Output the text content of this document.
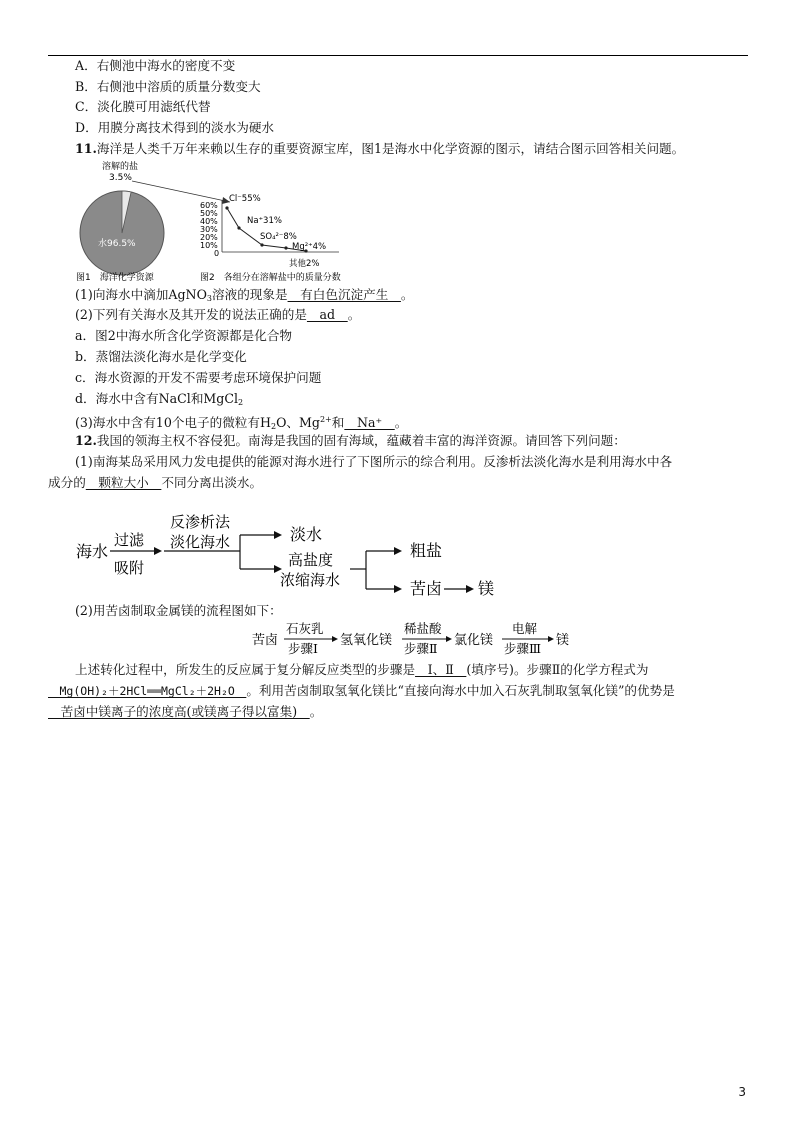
A．右侧池中海水的密度不变
B．右侧池中溶质的质量分数变大
C．淡化膜可用滤纸代替
D．用膜分离技术得到的淡水为硬水
11.海洋是人类千万年来赖以生存的重要资源宝库，图1是海水中化学资源的图示，请结合图示回答相关问题。
溶解的盐
3.5%
水96.5%
60%
50%
40%
30%
20%
10%
0
Cl⁻55%
Na⁺31%
SO₄²⁻8%
Mg²⁺4%
其他2%
图1　海洋化学资源	图2　各组分在溶解盐中的质量分数
(1)向海水中滴加AgNO$_3$溶液的现象是　有白色沉淀产生　。
(2)下列有关海水及其开发的说法正确的是　ad　。
a．图2中海水所含化学资源都是化合物
b．蒸馏法淡化海水是化学变化
c．海水资源的开发不需要考虑环境保护问题
d．海水中含有NaCl和MgCl$_2$
(3)海水中含有10个电子的微粒有$H_2O$、$Mg^{2+}$和　Na⁺　。
12.我国的领海主权不容侵犯。南海是我国的固有海域，蕴藏着丰富的海洋资源。请回答下列问题：
(1)南海某岛采用风力发电提供的能源对海水进行了下图所示的综合利用。反渗析法淡化海水是利用海水中各
成分的　颗粒大小　不同分离出淡水。
海水
过滤
吸附
反渗析法
淡化海水	淡水
高盐度
浓缩海水
粗盐
苦卤 镁
(2)用苦卤制取金属镁的流程图如下：
苦卤
石灰乳
步骤Ⅰ
氢氧化镁
稀盐酸
步骤Ⅱ
氯化镁
电解
步骤Ⅲ
镁
上述转化过程中，所发生的反应属于复分解反应类型的步骤是　Ⅰ、Ⅱ　(填序号)。步骤Ⅱ的化学方程式为
　Mg(OH)₂＋2HCl══MgCl₂＋2H₂O　。利用苦卤制取氢氧化镁比“直接向海水中加入石灰乳制取氢氧化镁”的优势是
　苦卤中镁离子的浓度高(或镁离子得以富集)　。
3
